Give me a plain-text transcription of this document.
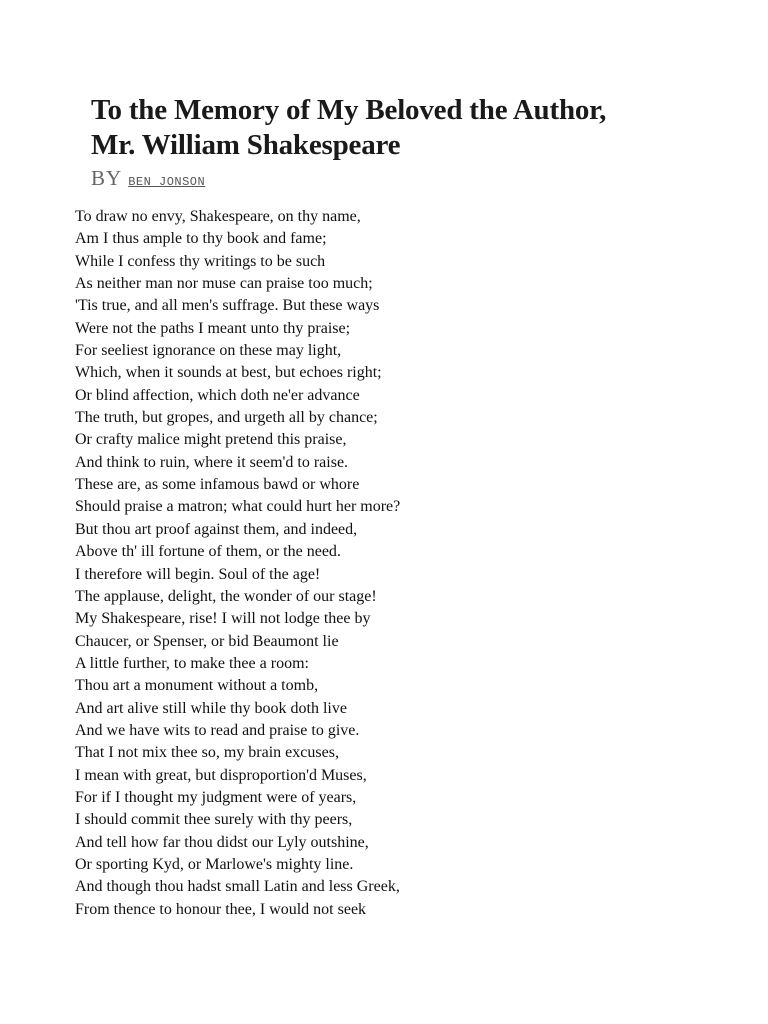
To the Memory of My Beloved the Author,
Mr. William Shakespeare
BY BEN JONSON
To draw no envy, Shakespeare, on thy name,
Am I thus ample to thy book and fame;
While I confess thy writings to be such
As neither man nor muse can praise too much;
'Tis true, and all men's suffrage. But these ways
Were not the paths I meant unto thy praise;
For seeliest ignorance on these may light,
Which, when it sounds at best, but echoes right;
Or blind affection, which doth ne'er advance
The truth, but gropes, and urgeth all by chance;
Or crafty malice might pretend this praise,
And think to ruin, where it seem'd to raise.
These are, as some infamous bawd or whore
Should praise a matron; what could hurt her more?
But thou art proof against them, and indeed,
Above th' ill fortune of them, or the need.
I therefore will begin. Soul of the age!
The applause, delight, the wonder of our stage!
My Shakespeare, rise! I will not lodge thee by
Chaucer, or Spenser, or bid Beaumont lie
A little further, to make thee a room:
Thou art a monument without a tomb,
And art alive still while thy book doth live
And we have wits to read and praise to give.
That I not mix thee so, my brain excuses,
I mean with great, but disproportion'd Muses,
For if I thought my judgment were of years,
I should commit thee surely with thy peers,
And tell how far thou didst our Lyly outshine,
Or sporting Kyd, or Marlowe's mighty line.
And though thou hadst small Latin and less Greek,
From thence to honour thee, I would not seek
